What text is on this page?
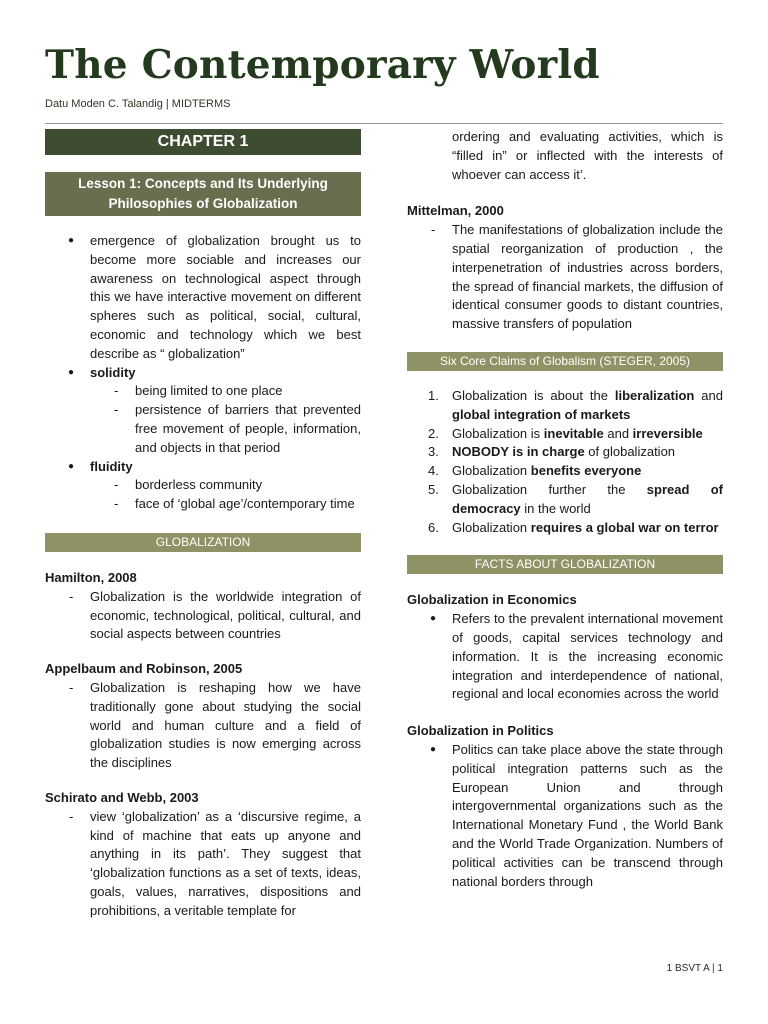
The Contemporary World
Datu Moden C. Talandig | MIDTERMS
CHAPTER 1
Lesson 1: Concepts and Its Underlying Philosophies of Globalization
● emergence of globalization brought us to become more sociable and increases our awareness on technological aspect through this we have interactive movement on different spheres such as political, social, cultural, economic and technology which we best describe as “ globalization”
● solidity
- being limited to one place
- persistence of barriers that prevented free movement of people, information, and objects in that period
● fluidity
- borderless community
- face of ‘global age’/contemporary time
GLOBALIZATION
Hamilton, 2008
- Globalization is the worldwide integration of economic, technological, political, cultural, and social aspects between countries
Appelbaum and Robinson, 2005
- Globalization is reshaping how we have traditionally gone about studying the social world and human culture and a field of globalization studies is now emerging across the disciplines
Schirato and Webb, 2003
- view ‘globalization’ as a ‘discursive regime, a kind of machine that eats up anyone and anything in its path’. They suggest that ‘globalization functions as a set of texts, ideas, goals, values, narratives, dispositions and prohibitions, a veritable template for
ordering and evaluating activities, which is “filled in” or inflected with the interests of whoever can access it’.
Mittelman, 2000
- The manifestations of globalization include the spatial reorganization of production , the interpenetration of industries across borders, the spread of financial markets, the diffusion of identical consumer goods to distant countries, massive transfers of population
Six Core Claims of Globalism (STEGER, 2005)
1. Globalization is about the liberalization and global integration of markets
2. Globalization is inevitable and irreversible
3. NOBODY is in charge of globalization
4. Globalization benefits everyone
5. Globalization further the spread of democracy in the world
6. Globalization requires a global war on terror
FACTS ABOUT GLOBALIZATION
Globalization in Economics
● Refers to the prevalent international movement of goods, capital services technology and information. It is the increasing economic integration and interdependence of national, regional and local economies across the world
Globalization in Politics
● Politics can take place above the state through political integration patterns such as the European Union and through intergovernmental organizations such as the International Monetary Fund , the World Bank and the World Trade Organization. Numbers of political activities can be transcend through national borders through
1 BSVT A | 1
